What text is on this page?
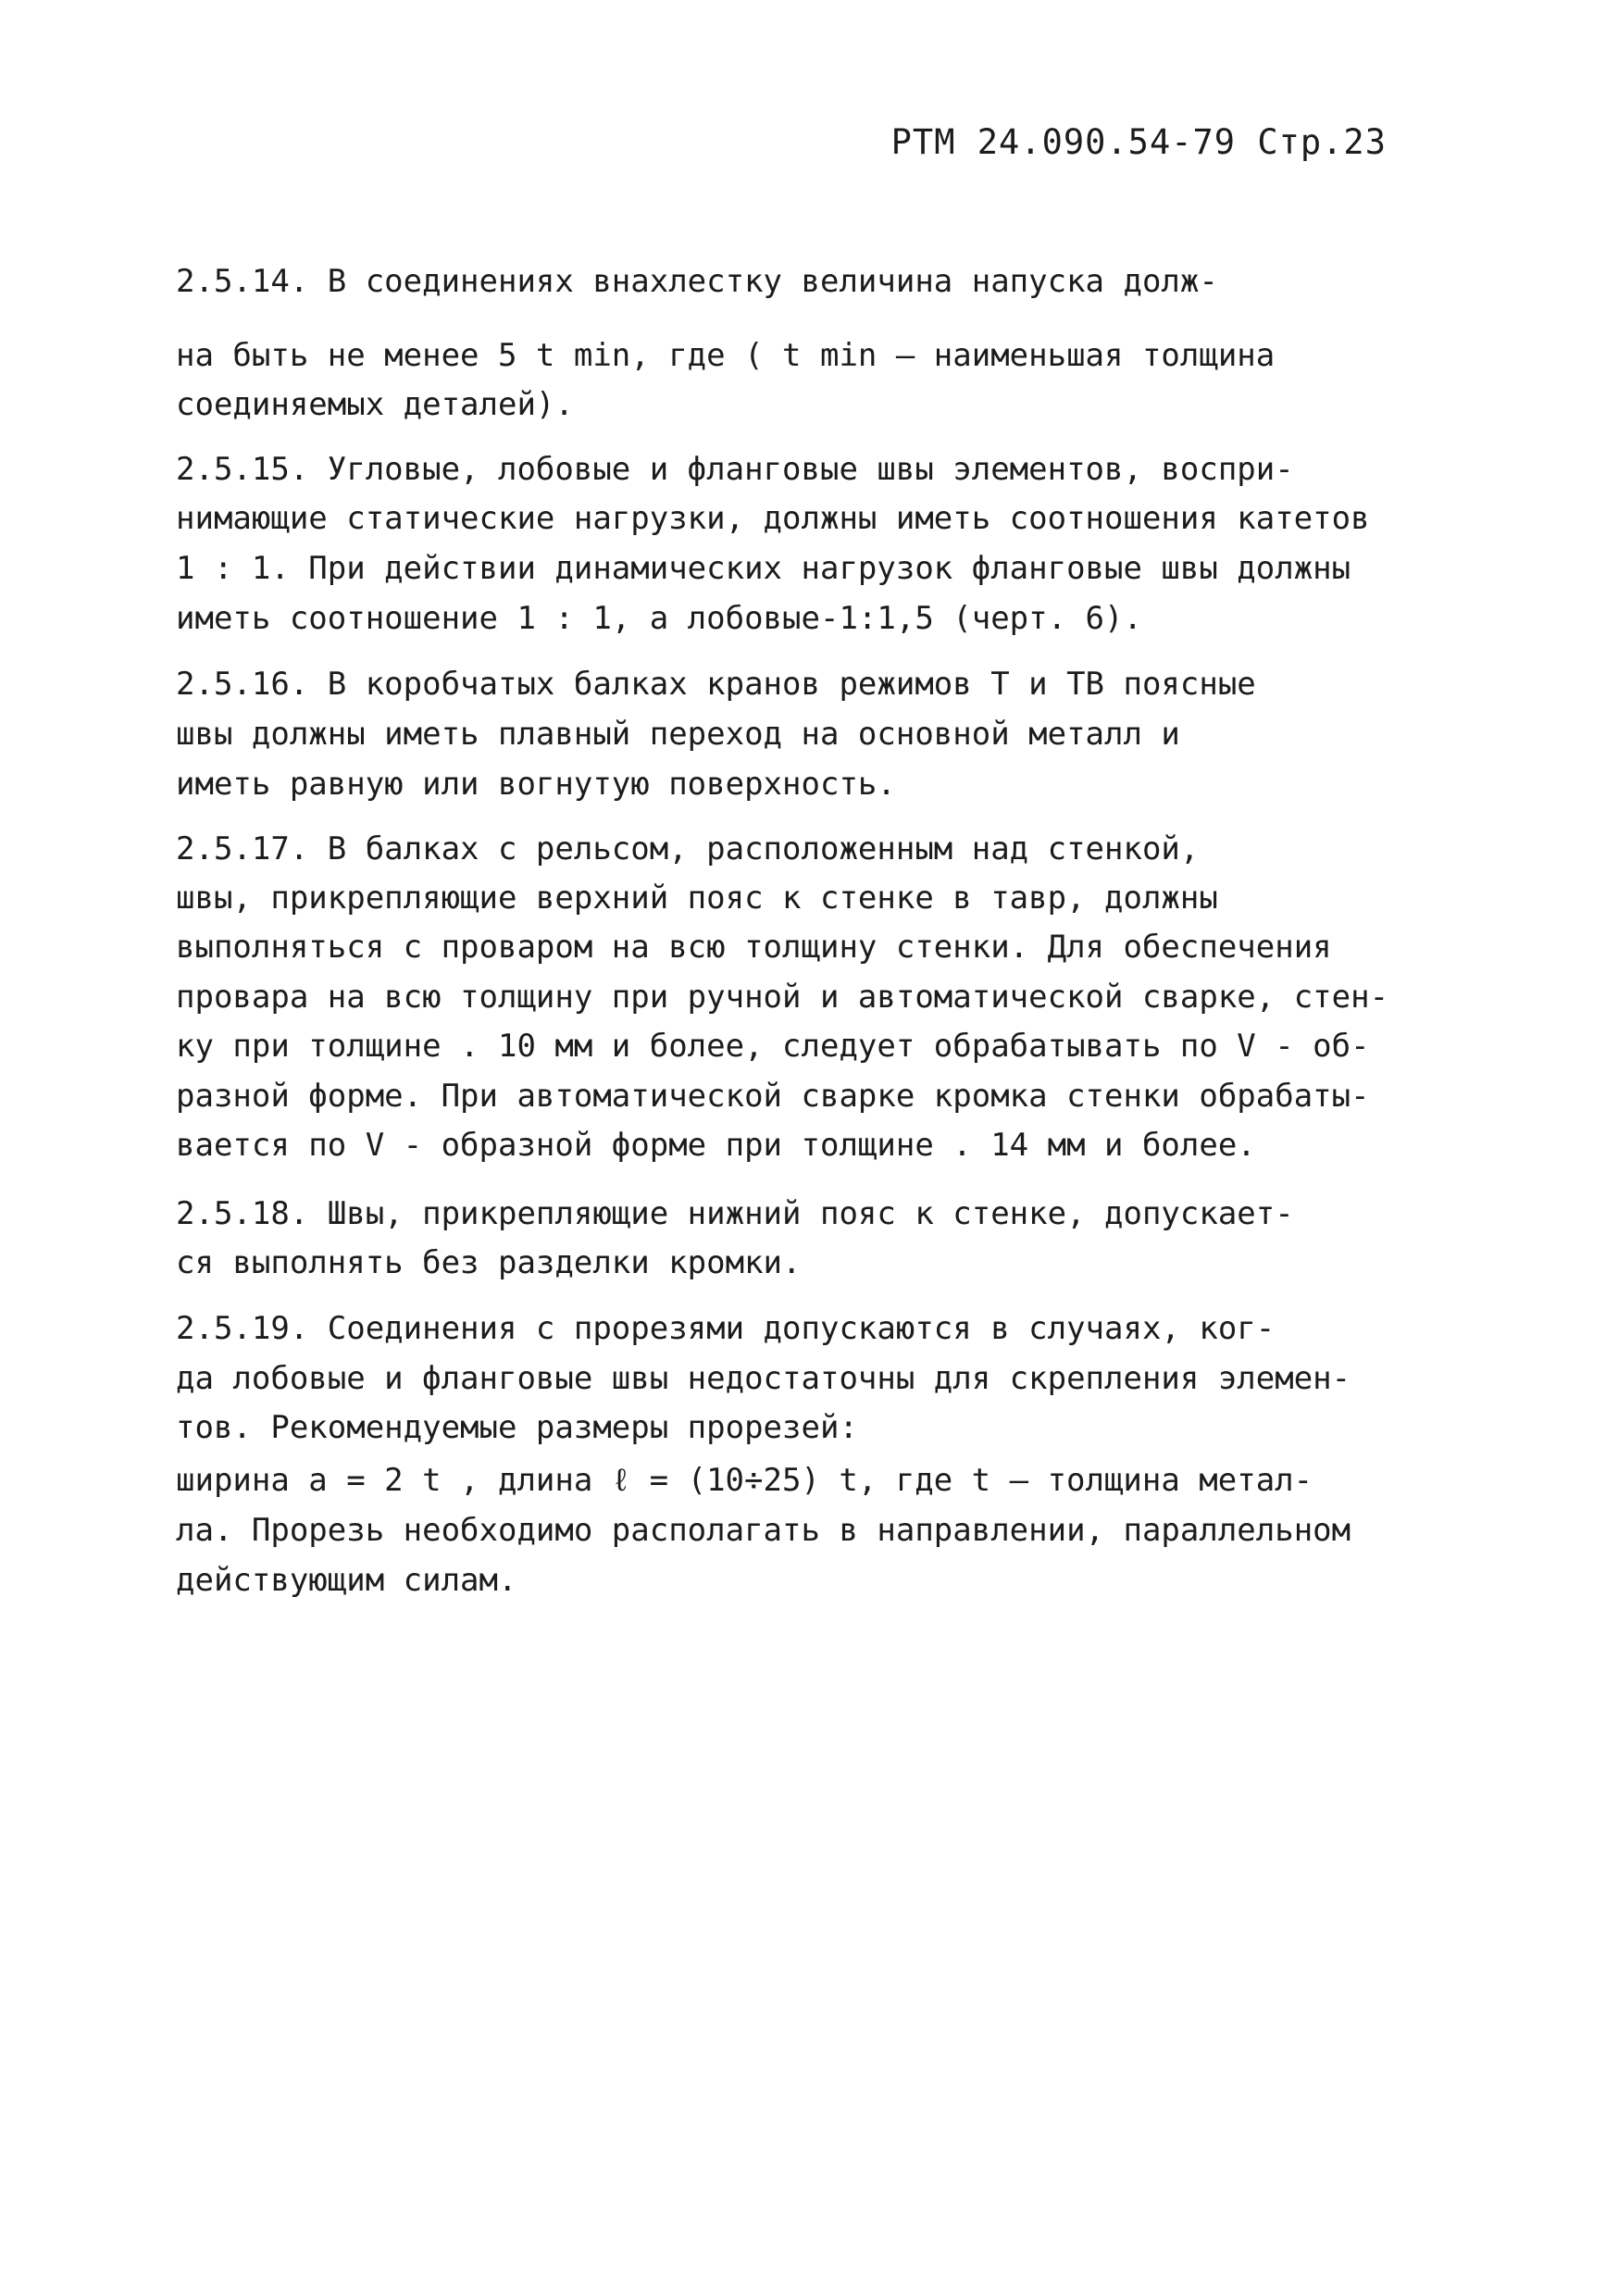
РТМ 24.090.54-79 Стр.23
2.5.14. В соединениях внахлестку величина напуска долж-
на быть не менее 5 t min, где ( t min – наименьшая толщина
соединяемых деталей).
2.5.15. Угловые, лобовые и фланговые швы элементов, воспри-
нимающие статические нагрузки, должны иметь соотношения катетов
1 : 1. При действии динамических нагрузок фланговые швы должны
иметь соотношение 1 : 1, а лобовые-1:1,5 (черт. 6).
2.5.16. В коробчатых балках кранов режимов Т и ТВ поясные
швы должны иметь плавный переход на основной металл и
иметь равную или вогнутую поверхность.
2.5.17. В балках с рельсом, расположенным над стенкой,
швы, прикрепляющие верхний пояс к стенке в тавр, должны
выполняться с проваром на всю толщину стенки. Для обеспечения
провара на всю толщину при ручной и автоматической сварке, стен-
ку при толщине . 10 мм и более, следует обрабатывать по V - об-
разной форме. При автоматической сварке кромка стенки обрабаты-
вается по V - образной форме при толщине . 14 мм и более.
2.5.18. Швы, прикрепляющие нижний пояс к стенке, допускает-
ся выполнять без разделки кромки.
2.5.19. Соединения с прорезями допускаются в случаях, ког-
да лобовые и фланговые швы недостаточны для скрепления элемен-
тов. Рекомендуемые размеры прорезей:
ширина a = 2 t , длина ℓ = (10÷25) t, где t – толщина метал-
ла. Прорезь необходимо располагать в направлении, параллельном
действующим силам.
